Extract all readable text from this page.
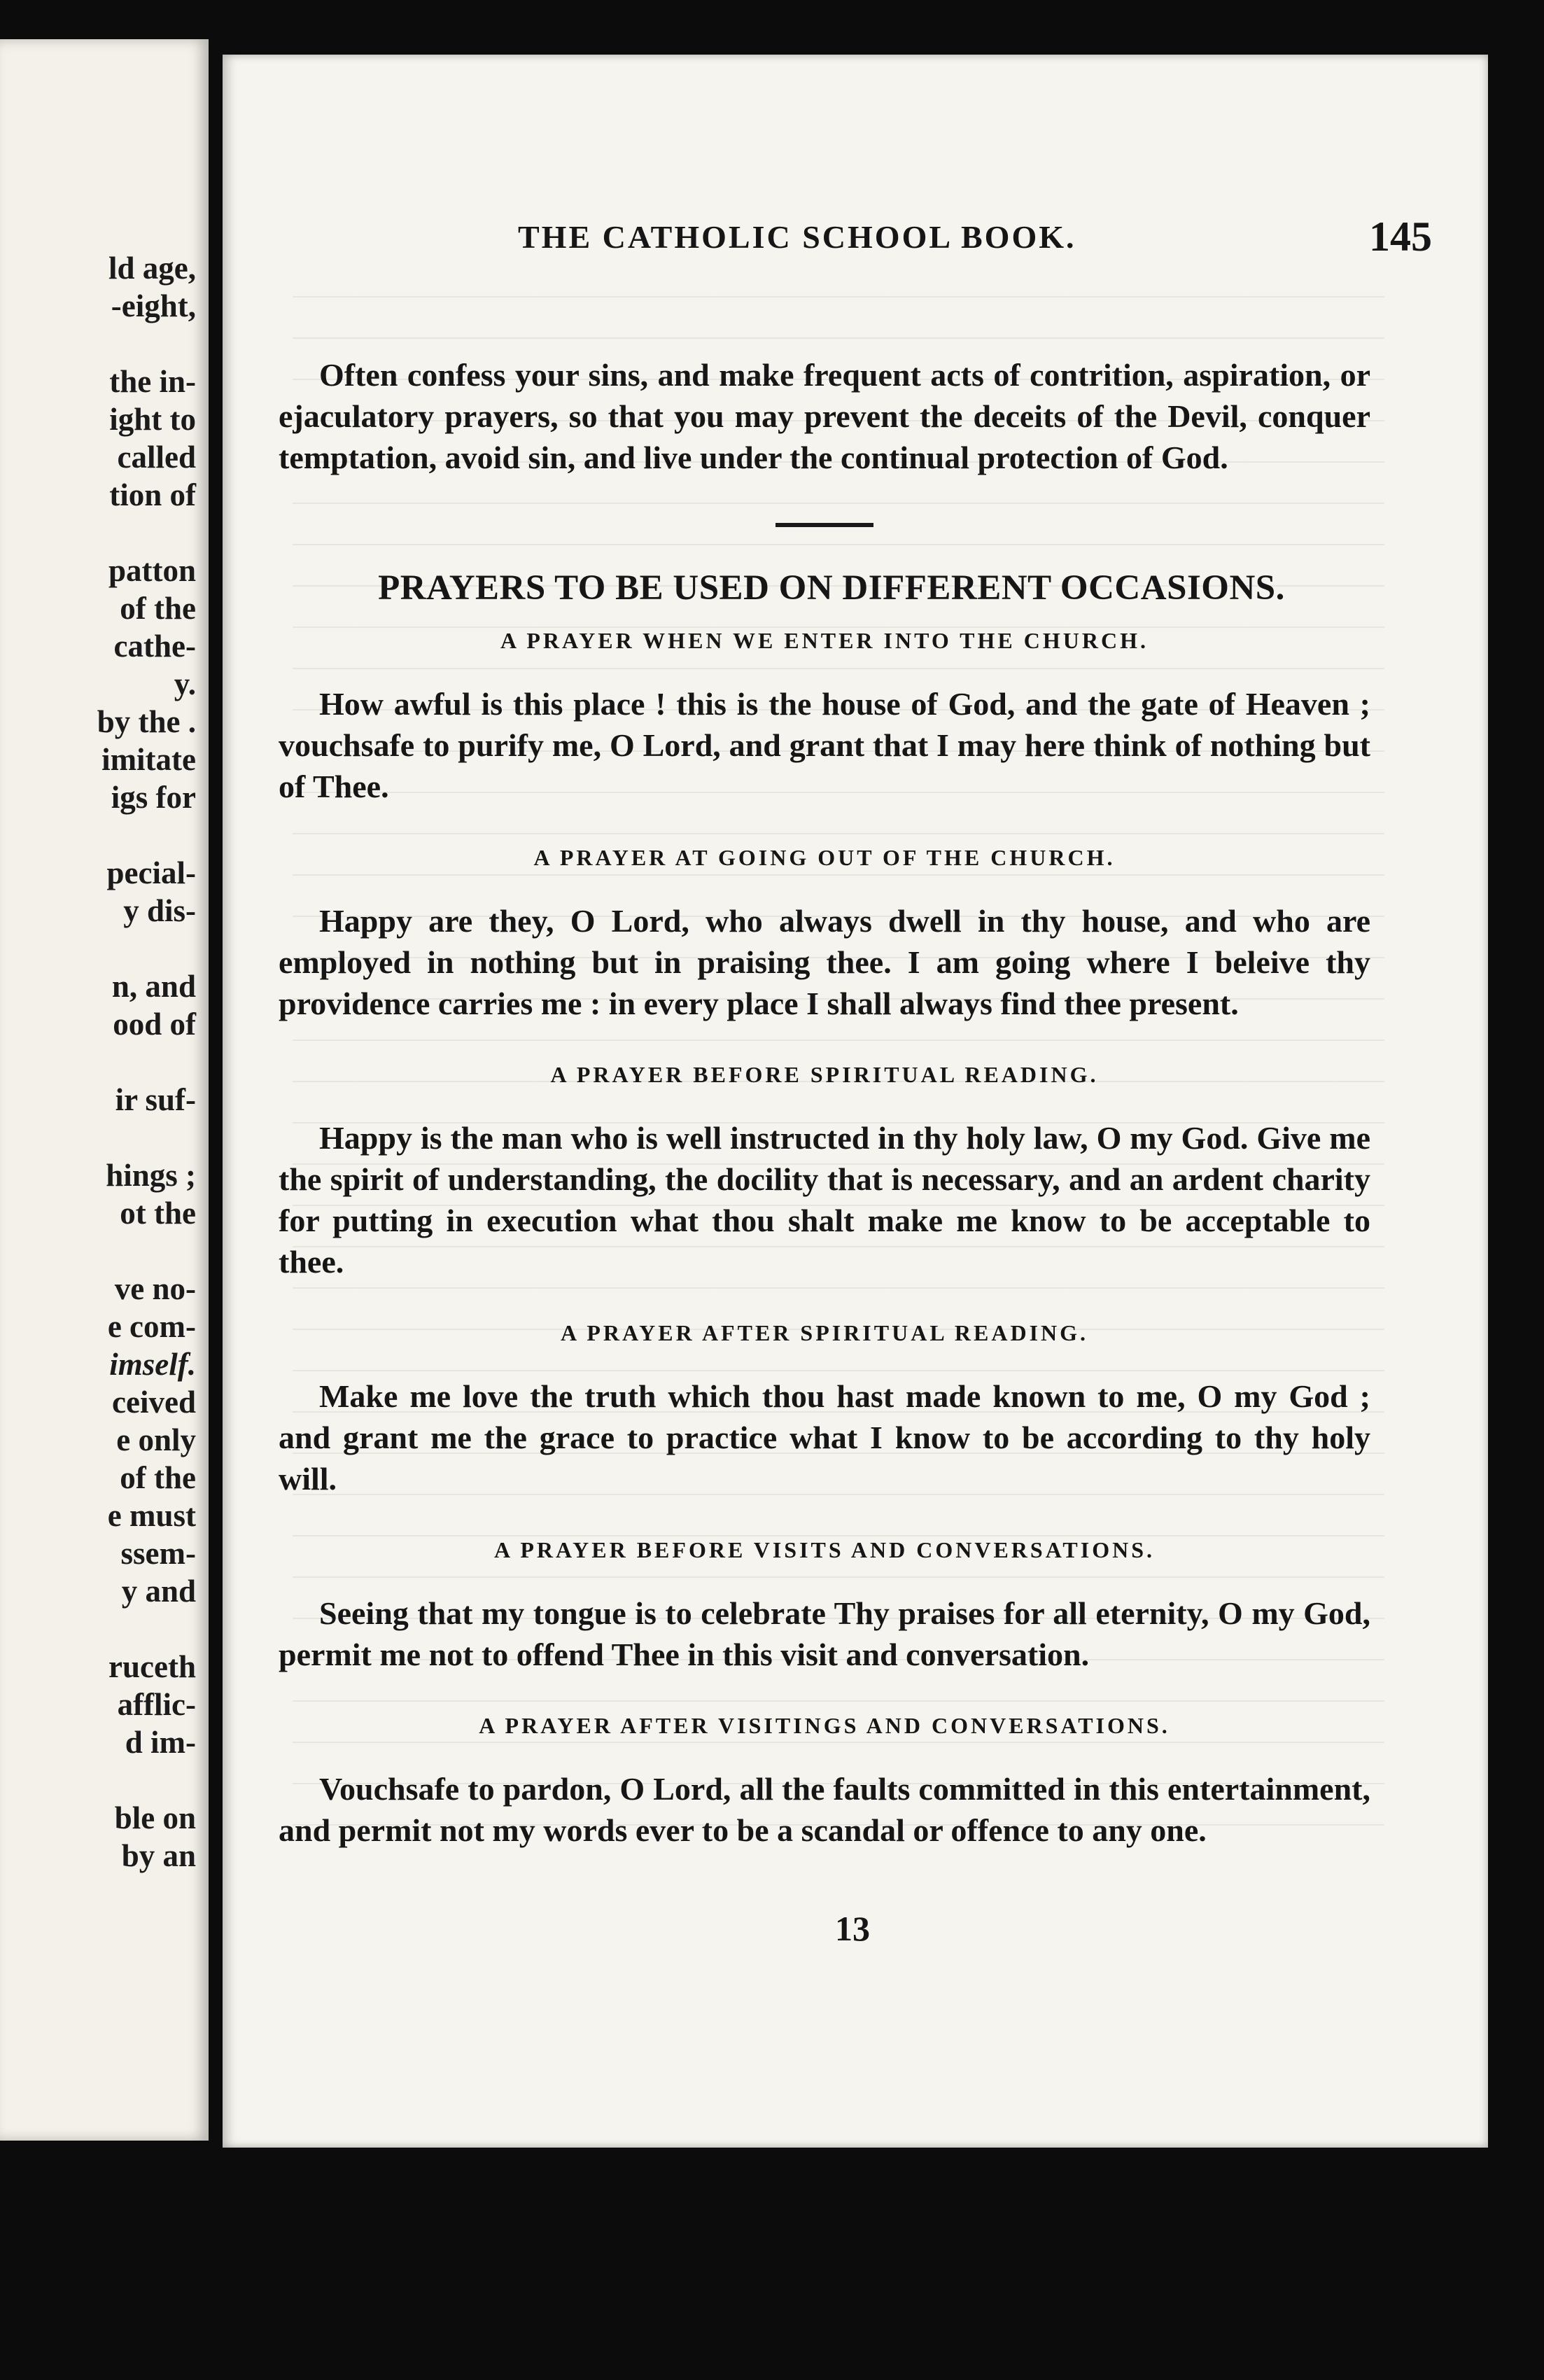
ld age,
-eight,
the in-
ight to
called
tion of
patton
of the
cathe-
y.
by the .
imitate
igs for
pecial-
y dis-
n, and
ood of
ir suf-
hings ;
ot the
ve no-
e com-
imself.
ceived
e only
of the
e must
ssem-
y and
ruceth
afflic-
d im-
ble on
by an
THE CATHOLIC SCHOOL BOOK.	145

Often confess your sins, and make frequent acts of contrition, aspiration, or ejaculatory prayers, so that you may prevent the deceits of the Devil, conquer temptation, avoid sin, and live under the continual protection of God.

PRAYERS TO BE USED ON DIFFERENT OCCASIONS.
A PRAYER WHEN WE ENTER INTO THE CHURCH.

How awful is this place ! this is the house of God, and the gate of Heaven ; vouchsafe to purify me, O Lord, and grant that I may here think of nothing but of Thee.

A PRAYER AT GOING OUT OF THE CHURCH.

Happy are they, O Lord, who always dwell in thy house, and who are employed in nothing but in praising thee. I am going where I beleive thy providence carries me : in every place I shall always find thee present.

A PRAYER BEFORE SPIRITUAL READING.

Happy is the man who is well instructed in thy holy law, O my God. Give me the spirit of understanding, the docility that is necessary, and an ardent charity for putting in execution what thou shalt make me know to be acceptable to thee.

A PRAYER AFTER SPIRITUAL READING.

Make me love the truth which thou hast made known to me, O my God ; and grant me the grace to practice what I know to be according to thy holy will.

A PRAYER BEFORE VISITS AND CONVERSATIONS.

Seeing that my tongue is to celebrate Thy praises for all eternity, O my God, permit me not to offend Thee in this visit and conversation.

A PRAYER AFTER VISITINGS AND CONVERSATIONS.

Vouchsafe to pardon, O Lord, all the faults committed in this entertainment, and permit not my words ever to be a scandal or offence to any one.

13
